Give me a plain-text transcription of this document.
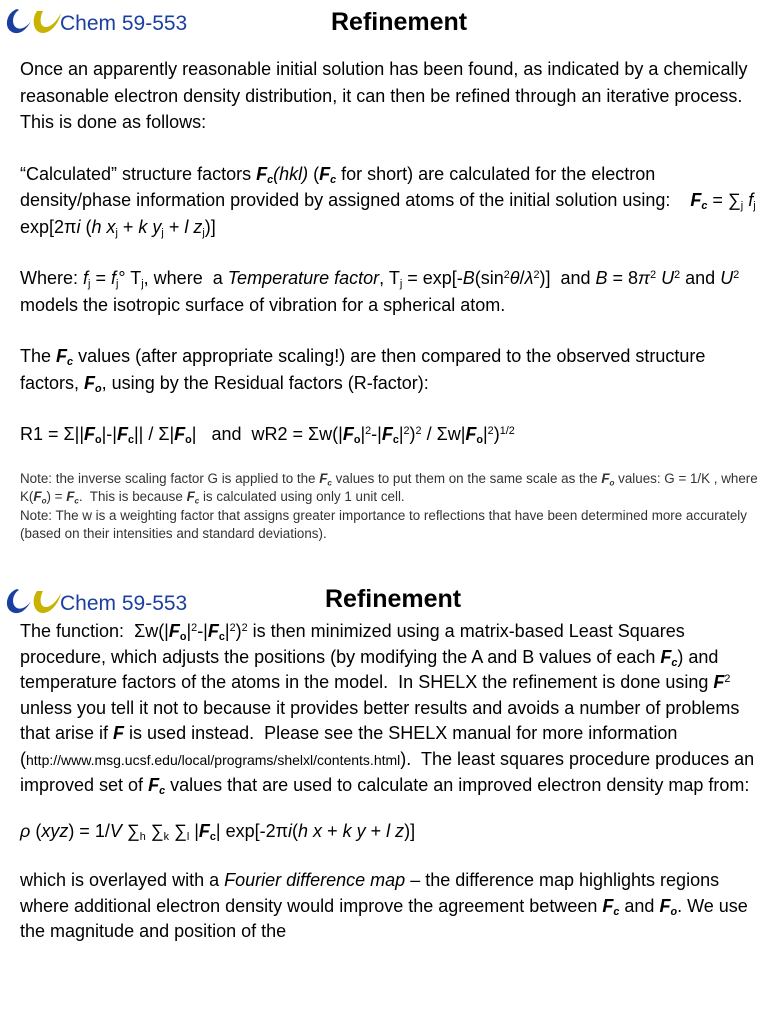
Chem 59-553	Refinement

Once an apparently reasonable initial solution has been found, as indicated by a chemically reasonable electron density distribution, it can then be refined through an iterative process. This is done as follows:

“Calculated” structure factors $F_c(hkl)$ ($F_c$ for short) are calculated for the electron density/phase information provided by assigned atoms of the initial solution using: $F_c = \sum_j$ $f_j$ exp[2πi (h $x_j + k$ $y_j + l$ $z_j$)]

Where: $f_j = f_j^\circ$ $T_j$, where  a Temperature factor, $T_j = \exp[-B(\sin^2\theta/\lambda^2)]$  and $B = 8\pi^2$ $U^2$ and $U^2$ models the isotropic surface of vibration for a spherical atom.

The $F_c$ values (after appropriate scaling!) are then compared to the observed structure factors, $F_o$, using by the Residual factors (R-factor):

$R1 = \Sigma||F_o|-|F_c|| / \Sigma|F_o|$   and  $wR2 = \Sigma w(|F_o|^2-|F_c|^2)^2 / \Sigma w|F_o|^2)^{1/2}$

Note: the inverse scaling factor G is applied to the $F_c$ values to put them on the same scale as the $F_o$ values: G = 1/K , where $K(F_o) = F_c$.  This is because $F_c$ is calculated using only 1 unit cell.

Note: The w is a weighting factor that assigns greater importance to reflections that have been determined more accurately (based on their intensities and standard deviations).

Chem 59-553	Refinement

The function:  $\Sigma w(|F_o|^2-|F_c|^2)^2$ is then minimized using a matrix-based Least Squares procedure, which adjusts the positions (by modifying the A and B values of each $F_c$) and temperature factors of the atoms in the model.  In SHELX the refinement is done using $F^2$ unless you tell it not to because it provides better results and avoids a number of problems that arise if F is used instead.  Please see the SHELX manual for more information (http://www.msg.ucsf.edu/local/programs/shelxl/contents.html).  The least squares procedure produces an improved set of $F_c$ values that are used to calculate an improved electron density map from:

ρ (xyz) = 1/V $\sum_h$ $\sum_k$ $\sum_l$ $|F_c|$ exp[-2πi(h x + k y + l z)]

which is overlayed with a Fourier difference map – the difference map highlights regions where additional electron density would improve the agreement between $F_c$ and $F_o$. We use the magnitude and position of the
